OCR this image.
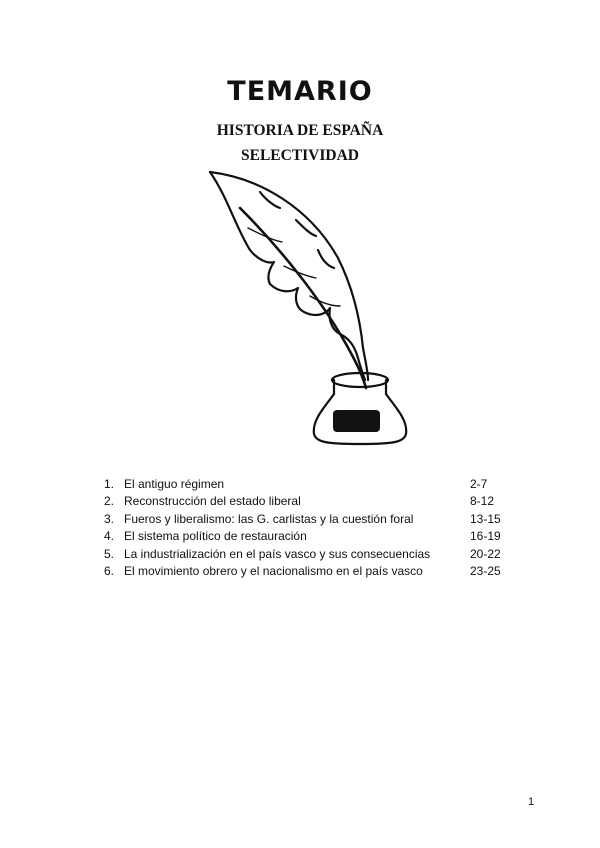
TEMARIO
HISTORIA DE ESPAÑA
SELECTIVIDAD
1. El antiguo régimen	2-7
2. Reconstrucción del estado liberal	8-12
3. Fueros y liberalismo: las G. carlistas y la cuestión foral	13-15
4. El sistema político de restauración	16-19
5. La industrialización en el país vasco y sus consecuencias	20-22
6. El movimiento obrero y el nacionalismo en el país vasco	23-25
1
